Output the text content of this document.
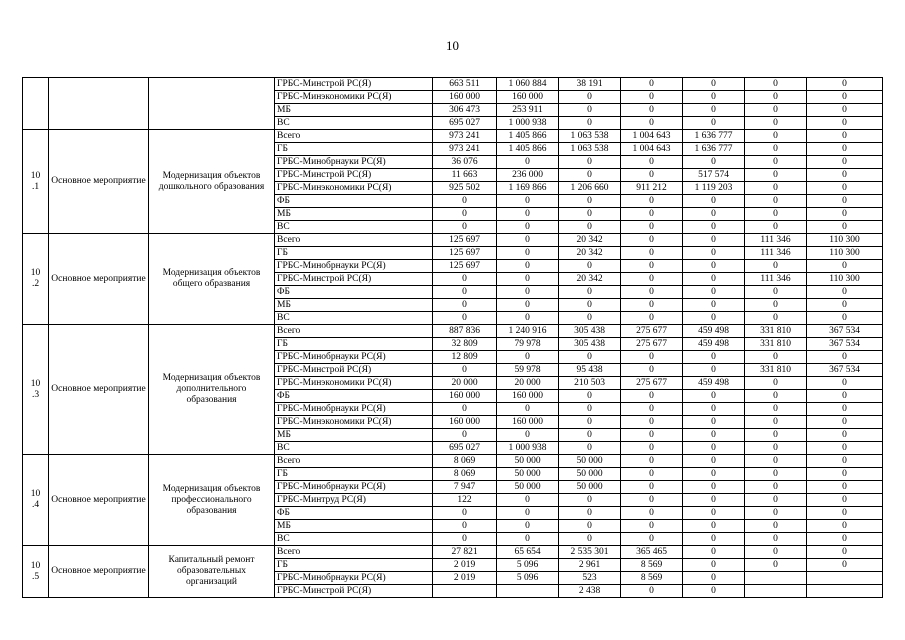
10
			ГРБС-Минстрой РС(Я)	663 511	1 060 884	38 191	0	0	0	0
			ГРБС-Минэкономики РС(Я)	160 000	160 000	0	0	0	0	0
			МБ	306 473	253 911	0	0	0	0	0
			ВС	695 027	1 000 938	0	0	0	0	0
10
.1	Основное мероприятие	Модернизация объектов дошкольного образования	Всего	973 241	1 405 866	1 063 538	1 004 643	1 636 777	0	0
			ГБ	973 241	1 405 866	1 063 538	1 004 643	1 636 777	0	0
			ГРБС-Минобрнауки РС(Я)	36 076	0	0	0	0	0	0
			ГРБС-Минстрой РС(Я)	11 663	236 000	0	0	517 574	0	0
			ГРБС-Минэкономики РС(Я)	925 502	1 169 866	1 206 660	911 212	1 119 203	0	0
			ФБ	0	0	0	0	0	0	0
			МБ	0	0	0	0	0	0	0
			ВС	0	0	0	0	0	0	0
10
.2	Основное мероприятие	Модернизация объектов общего образвания	Всего	125 697	0	20 342	0	0	111 346	110 300
			ГБ	125 697	0	20 342	0	0	111 346	110 300
			ГРБС-Минобрнауки РС(Я)	125 697	0	0	0	0	0	0
			ГРБС-Минстрой РС(Я)	0	0	20 342	0	0	111 346	110 300
			ФБ	0	0	0	0	0	0	0
			МБ	0	0	0	0	0	0	0
			ВС	0	0	0	0	0	0	0
10
.3	Основное мероприятие	Модернизация объектов дополнительного образования	Всего	887 836	1 240 916	305 438	275 677	459 498	331 810	367 534
			ГБ	32 809	79 978	305 438	275 677	459 498	331 810	367 534
			ГРБС-Минобрнауки РС(Я)	12 809	0	0	0	0	0	0
			ГРБС-Минстрой РС(Я)	0	59 978	95 438	0	0	331 810	367 534
			ГРБС-Минэкономики РС(Я)	20 000	20 000	210 503	275 677	459 498	0	0
			ФБ	160 000	160 000	0	0	0	0	0
			ГРБС-Минобрнауки РС(Я)	0	0	0	0	0	0	0
			ГРБС-Минэкономики РС(Я)	160 000	160 000	0	0	0	0	0
			МБ	0	0	0	0	0	0	0
			ВС	695 027	1 000 938	0	0	0	0	0
10
.4	Основное мероприятие	Модернизация объектов профессионального образования	Всего	8 069	50 000	50 000	0	0	0	0
			ГБ	8 069	50 000	50 000	0	0	0	0
			ГРБС-Минобрнауки РС(Я)	7 947	50 000	50 000	0	0	0	0
			ГРБС-Минтруд РС(Я)	122	0	0	0	0	0	0
			ФБ	0	0	0	0	0	0	0
			МБ	0	0	0	0	0	0	0
			ВС	0	0	0	0	0	0	0
10
.5	Основное мероприятие	Капитальный ремонт образовательных организаций	Всего	27 821	65 654	2 535 301	365 465	0	0	0
			ГБ	2 019	5 096	2 961	8 569	0	0	0
			ГРБС-Минобрнауки РС(Я)	2 019	5 096	523	8 569	0		
			ГРБС-Минстрой РС(Я)			2 438	0	0		
